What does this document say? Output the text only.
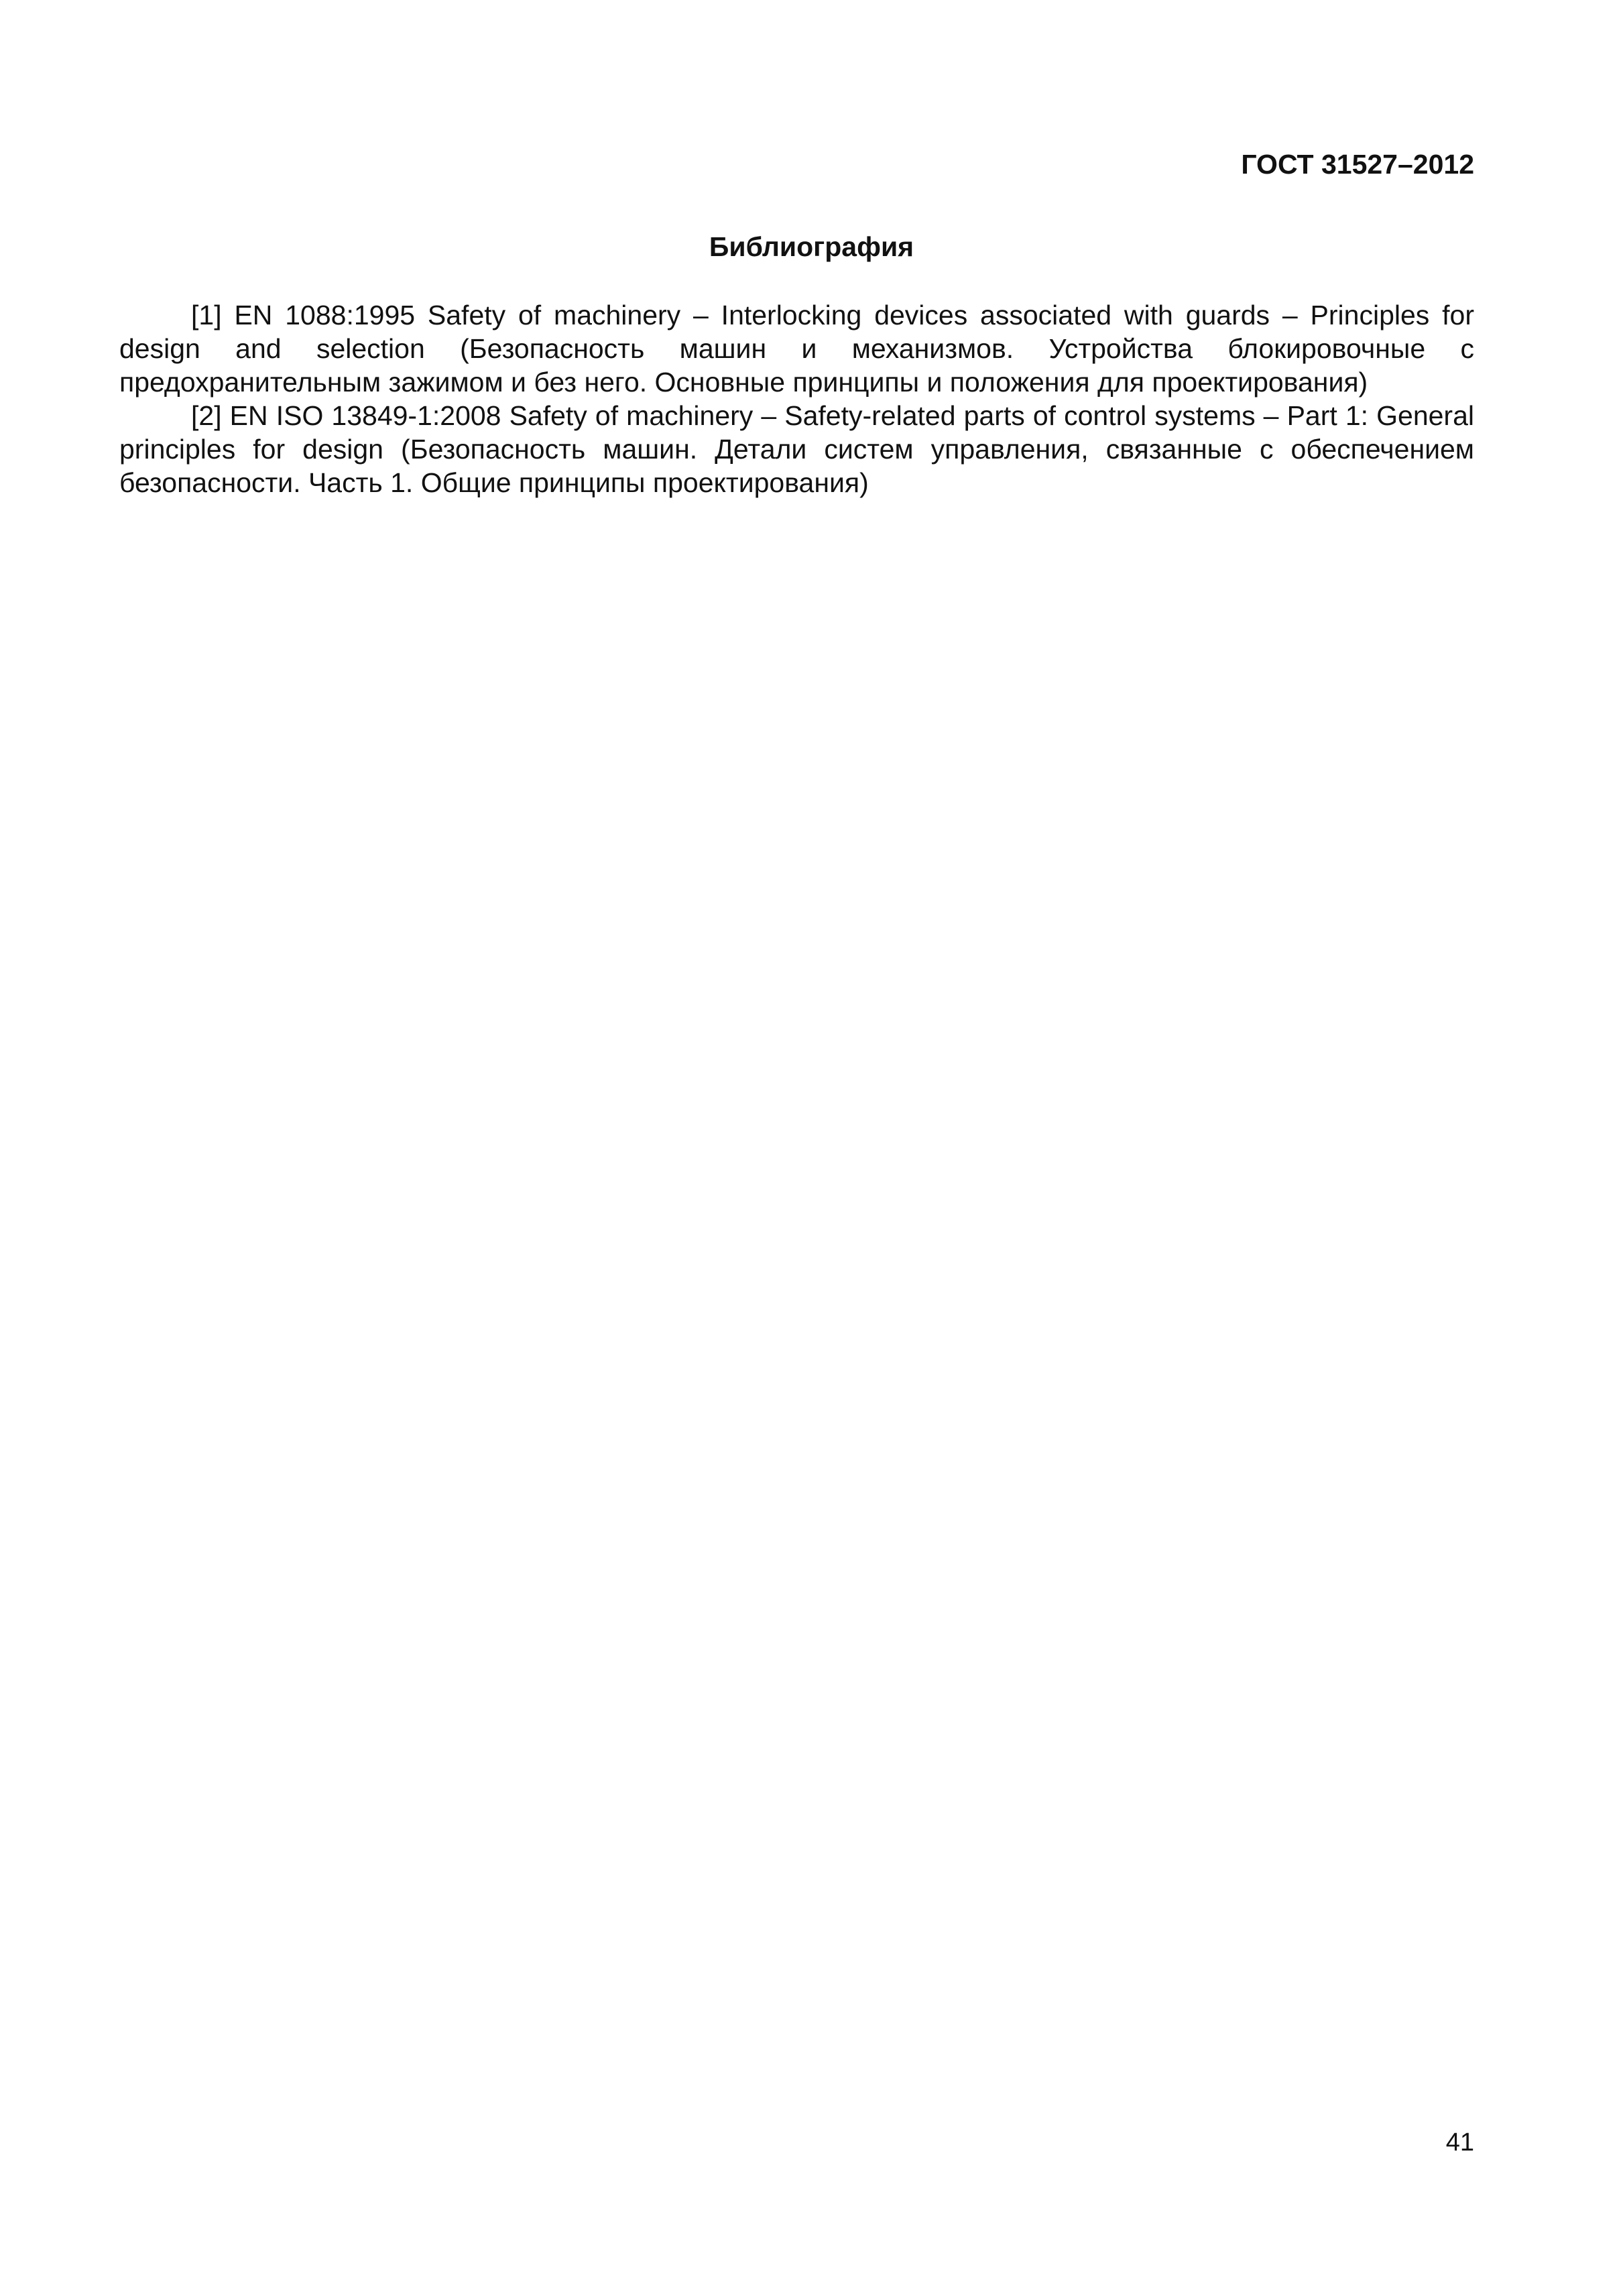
ГОСТ 31527–2012
Библиография

[1] EN 1088:1995 Safety of machinery – Interlocking devices associated with guards – Principles for design and selection (Безопасность машин и механизмов. Устройства блокировочные с предохранительным зажимом и без него. Основные принципы и положения для проектирования)

[2] EN ISO 13849-1:2008 Safety of machinery – Safety-related parts of control systems – Part 1: General principles for design (Безопасность машин. Детали систем управления, связанные с обеспечением безопасности. Часть 1. Общие принципы проектирования)

41
